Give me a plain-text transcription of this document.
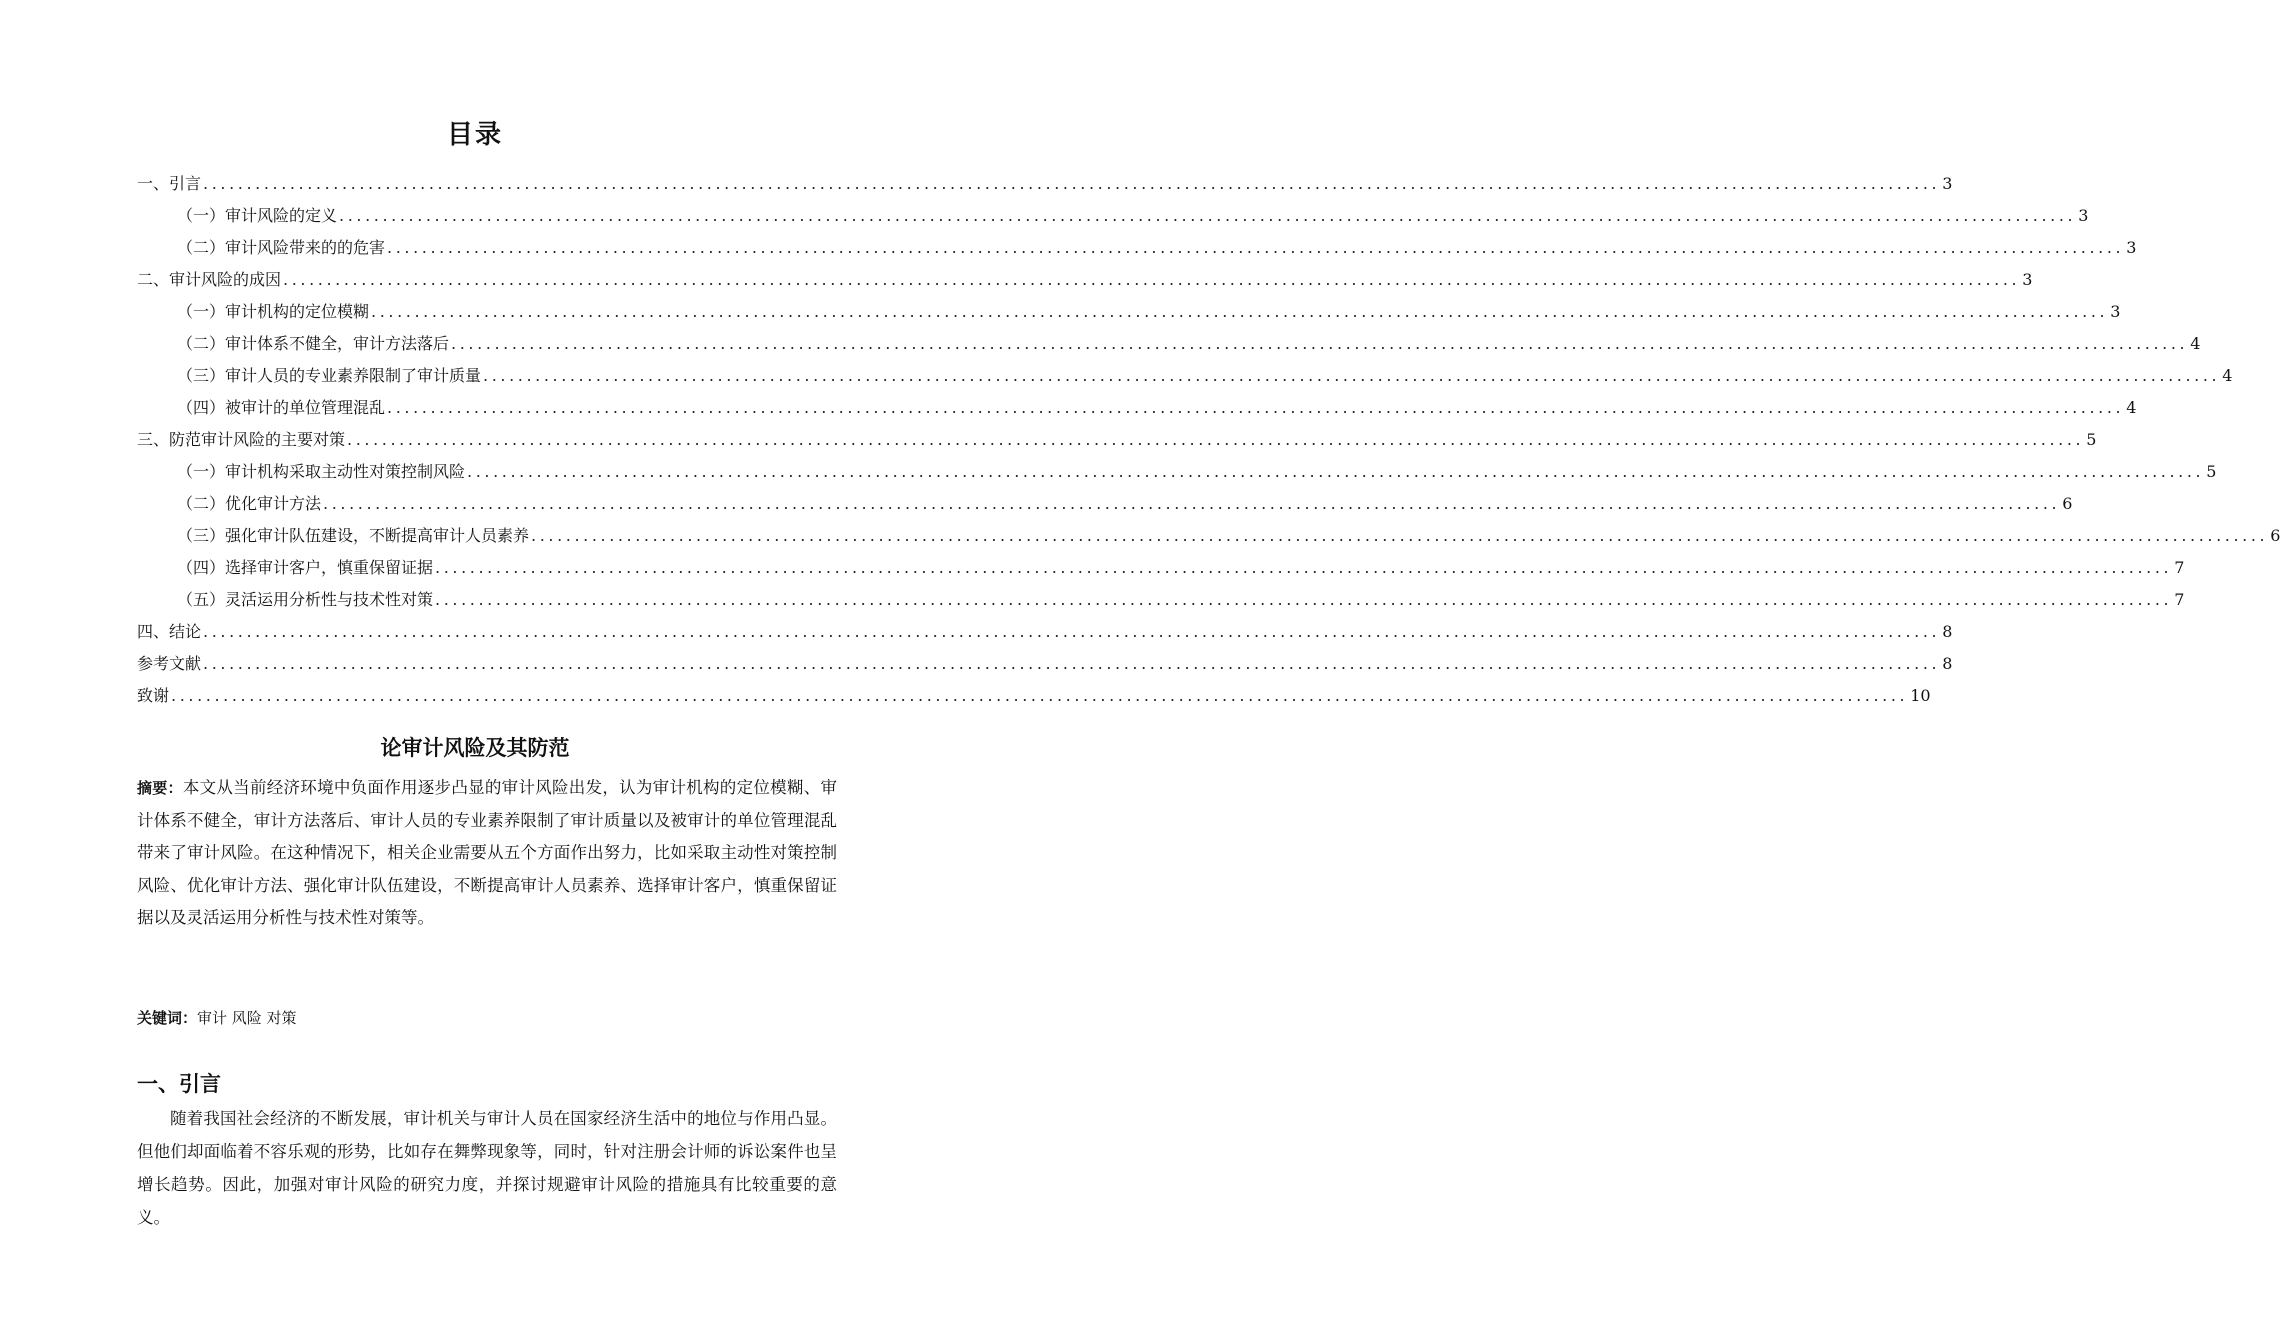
目录
一、引言 ........................................................................................................................................................................................................ 3
（一）审计风险的定义 ........................................................................................................................................................................................................ 3
（二）审计风险带来的的危害 ........................................................................................................................................................................................................ 3
二、审计风险的成因 ........................................................................................................................................................................................................ 3
（一）审计机构的定位模糊 ........................................................................................................................................................................................................ 3
（二）审计体系不健全，审计方法落后 ........................................................................................................................................................................................................ 4
（三）审计人员的专业素养限制了审计质量 ........................................................................................................................................................................................................ 4
（四）被审计的单位管理混乱 ........................................................................................................................................................................................................ 4
三、防范审计风险的主要对策 ........................................................................................................................................................................................................ 5
（一）审计机构采取主动性对策控制风险 ........................................................................................................................................................................................................ 5
（二）优化审计方法 ........................................................................................................................................................................................................ 6
（三）强化审计队伍建设，不断提高审计人员素养 ........................................................................................................................................................................................................ 6
（四）选择审计客户，慎重保留证据 ........................................................................................................................................................................................................ 7
（五）灵活运用分析性与技术性对策 ........................................................................................................................................................................................................ 7
四、结论 ........................................................................................................................................................................................................ 8
参考文献 ........................................................................................................................................................................................................ 8
致谢 ........................................................................................................................................................................................................ 10
论审计风险及其防范
摘要：本文从当前经济环境中负面作用逐步凸显的审计风险出发，认为审计机构的定位模糊、审计体系不健全，审计方法落后、审计人员的专业素养限制了审计质量以及被审计的单位管理混乱带来了审计风险。在这种情况下，相关企业需要从五个方面作出努力，比如采取主动性对策控制风险、优化审计方法、强化审计队伍建设，不断提高审计人员素养、选择审计客户，慎重保留证据以及灵活运用分析性与技术性对策等。
关键词：审计 风险 对策
一、引言
随着我国社会经济的不断发展，审计机关与审计人员在国家经济生活中的地位与作用凸显。但他们却面临着不容乐观的形势，比如存在舞弊现象等，同时，针对注册会计师的诉讼案件也呈增长趋势。因此，加强对审计风险的研究力度，并探讨规避审计风险的措施具有比较重要的意义。
